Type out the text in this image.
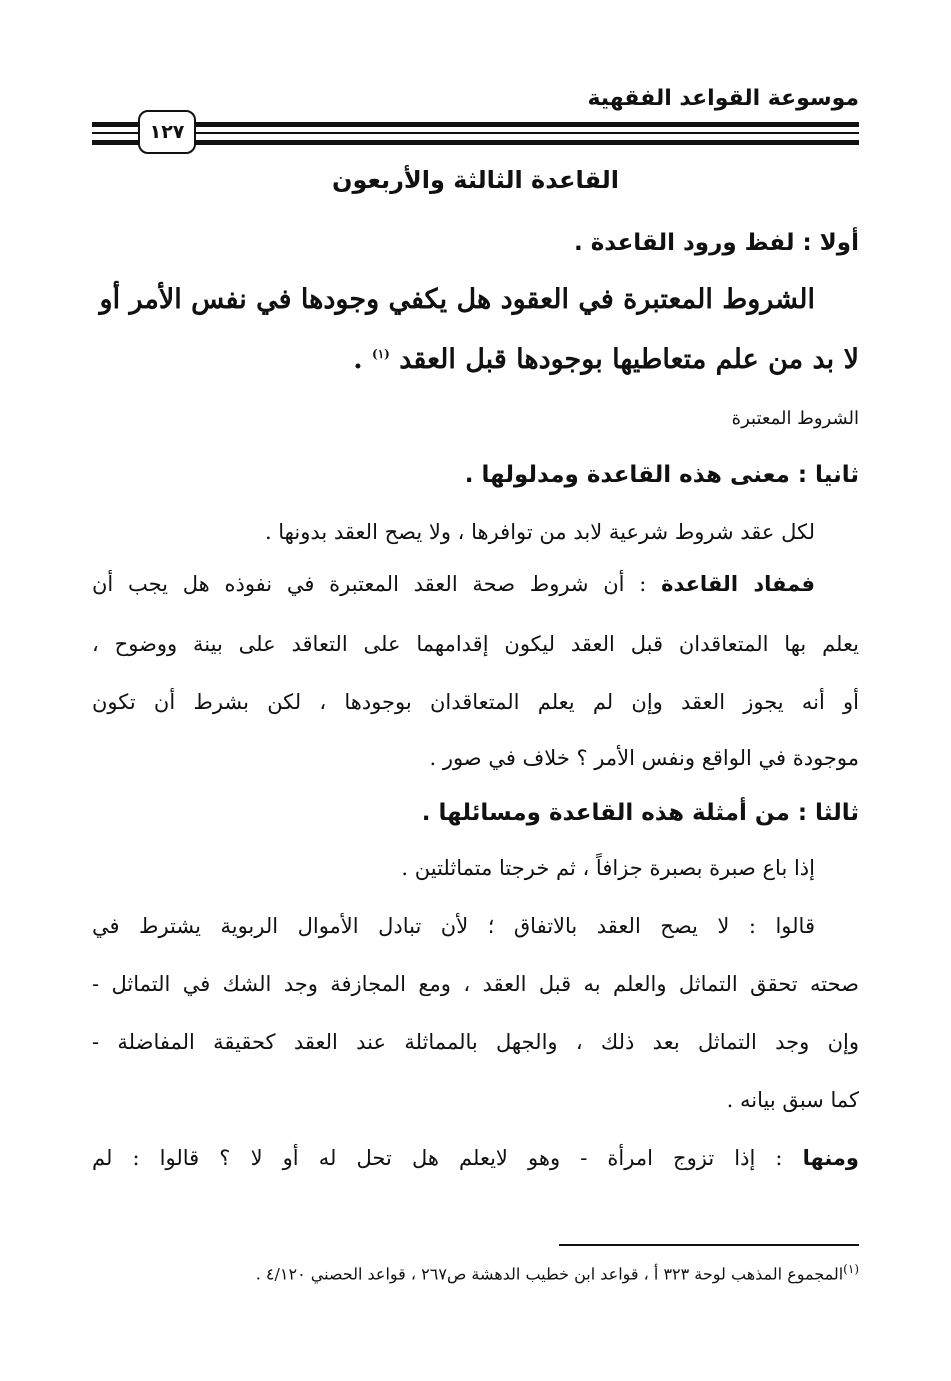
موسوعة القواعد الفقهية
١٢٧
القاعدة الثالثة والأربعون
أولا : لفظ ورود القاعدة .
الشروط المعتبرة في العقود هل يكفي وجودها في نفس الأمر أو
لا بد من علم متعاطيها بوجودها قبل العقد $^{(١)}$ .
الشروط المعتبرة
ثانيا : معنى هذه القاعدة ومدلولها .
لكل عقد شروط شرعية لابد من توافرها ، ولا يصح العقد بدونها .
فمفاد القاعدة : أن شروط صحة العقد المعتبرة في نفوذه هل يجب أن
يعلم بها المتعاقدان قبل العقد ليكون إقدامهما على التعاقد على بينة ووضوح ،
أو أنه يجوز العقد وإن لم يعلم المتعاقدان بوجودها ، لكن بشرط أن تكون
موجودة في الواقع ونفس الأمر ؟ خلاف في صور .
ثالثا : من أمثلة هذه القاعدة ومسائلها .
إذا باع صبرة بصبرة جزافاً ، ثم خرجتا متماثلتين .
قالوا : لا يصح العقد بالاتفاق ؛ لأن تبادل الأموال الربوية يشترط في
صحته تحقق التماثل والعلم به قبل العقد ، ومع المجازفة وجد الشك في التماثل -
وإن وجد التماثل بعد ذلك ، والجهل بالمماثلة عند العقد كحقيقة المفاضلة -
كما سبق بيانه .
ومنها : إذا تزوج امرأة - وهو لايعلم هل تحل له أو لا ؟ قالوا : لم
$^{(١)}$المجموع المذهب لوحة ٣٢٣ أ ، قواعد ابن خطيب الدهشة ص٢٦٧ ، قواعد الحصني ٤/١٢٠ .
